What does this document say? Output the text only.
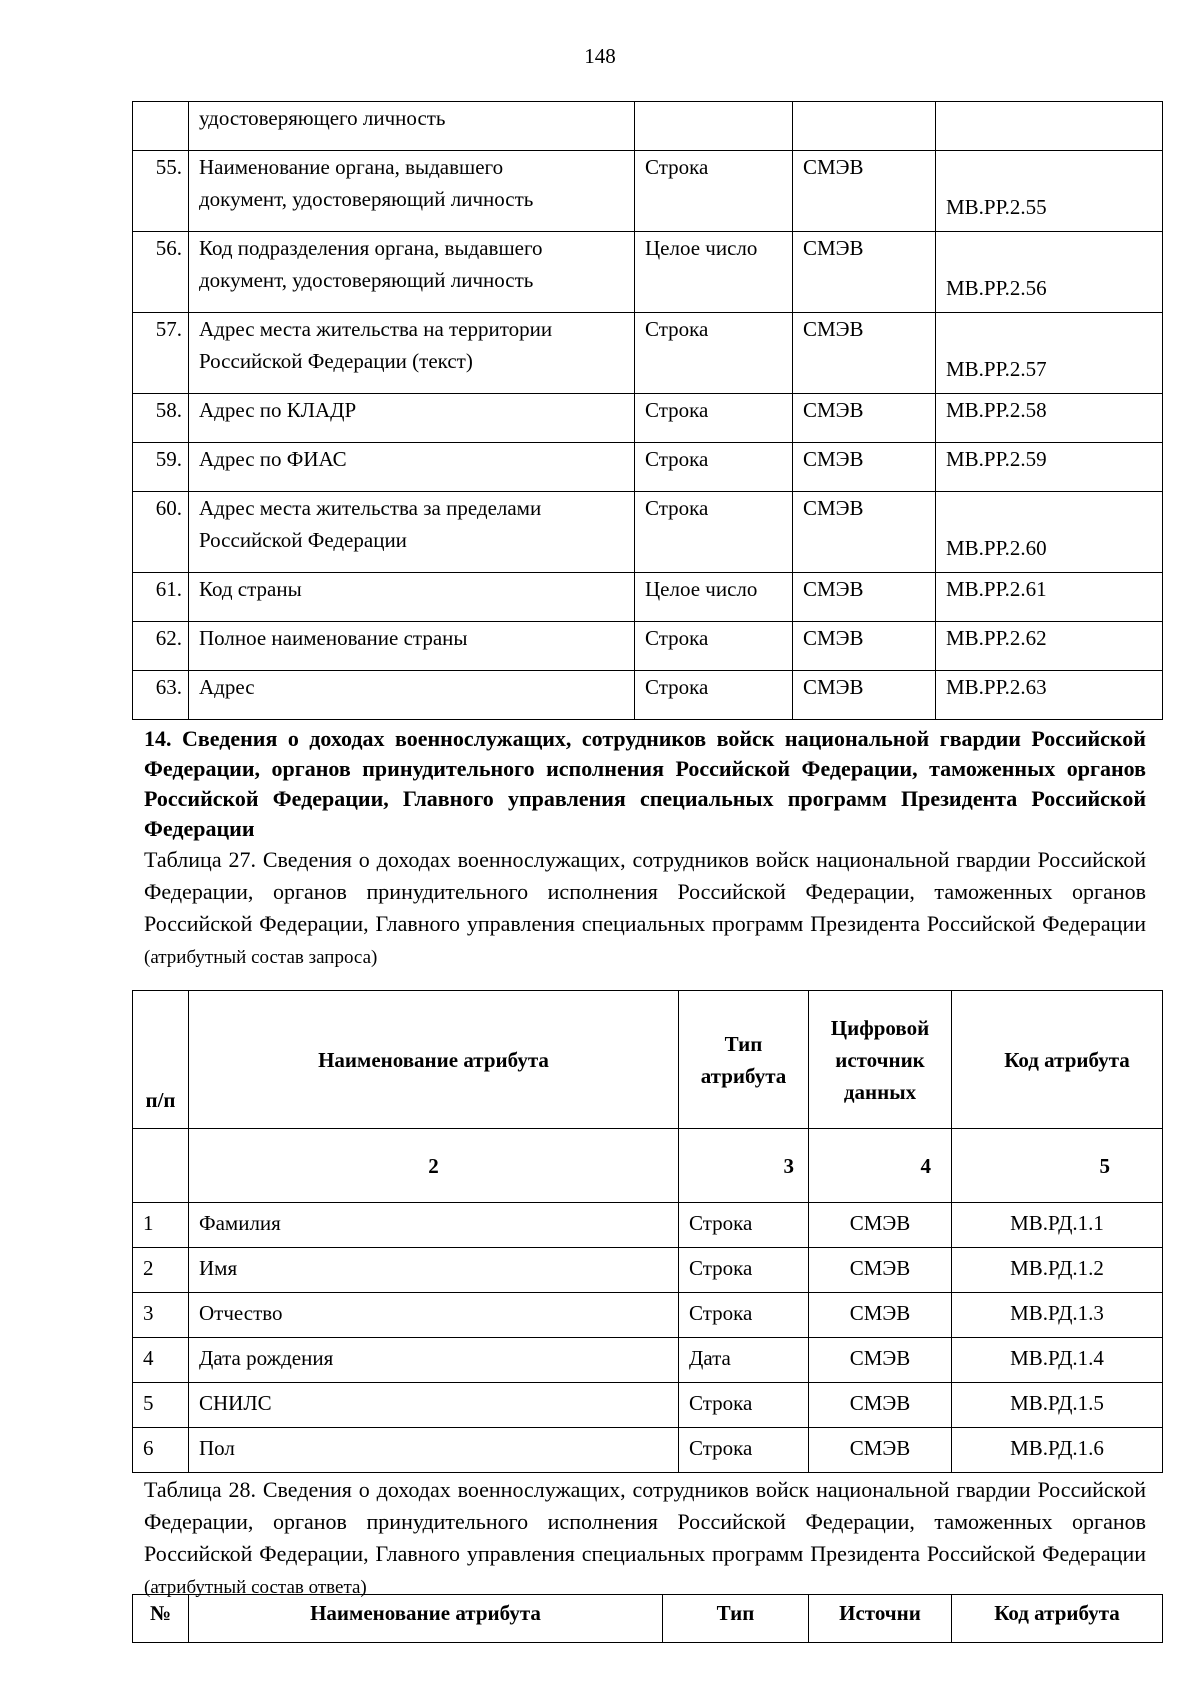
148

	удостоверяющего личность			

55.	Наименование органа, выдавшего
документ, удостоверяющий личность	Строка	СМЭВ	МВ.РР.2.55
56.	Код подразделения органа, выдавшего
документ, удостоверяющий личность	Целое число	СМЭВ	МВ.РР.2.56
57.	Адрес места жительства на территории
Российской Федерации (текст)	Строка	СМЭВ	МВ.РР.2.57
58.	Адрес по КЛАДР	Строка	СМЭВ	МВ.РР.2.58
59.	Адрес по ФИАС	Строка	СМЭВ	МВ.РР.2.59
60.	Адрес места жительства за пределами
Российской Федерации	Строка	СМЭВ	МВ.РР.2.60
61.	Код страны	Целое число	СМЭВ	МВ.РР.2.61
62.	Полное наименование страны	Строка	СМЭВ	МВ.РР.2.62
63.	Адрес	Строка	СМЭВ	МВ.РР.2.63
14. Сведения о доходах военнослужащих, сотрудников войск национальной гвардии Российской Федерации, органов принудительного исполнения Российской Федерации, таможенных органов Российской Федерации, Главного управления специальных программ Президента Российской Федерации
Таблица 27. Сведения о доходах военнослужащих, сотрудников войск национальной гвардии Российской Федерации, органов принудительного исполнения Российской Федерации, таможенных органов Российской Федерации, Главного управления специальных программ Президента Российской Федерации (атрибутный состав запроса)
п/п	Наименование атрибута	Тип атрибута	Цифровой источник данных	Код атрибута
	2	3	4	5
1	Фамилия	Строка	СМЭВ	МВ.РД.1.1
2	Имя	Строка	СМЭВ	МВ.РД.1.2
3	Отчество	Строка	СМЭВ	МВ.РД.1.3
4	Дата рождения	Дата	СМЭВ	МВ.РД.1.4
5	СНИЛС	Строка	СМЭВ	МВ.РД.1.5
6	Пол	Строка	СМЭВ	МВ.РД.1.6
Таблица 28. Сведения о доходах военнослужащих, сотрудников войск национальной гвардии Российской Федерации, органов принудительного исполнения Российской Федерации, таможенных органов Российской Федерации, Главного управления специальных программ Президента Российской Федерации (атрибутный состав ответа)
№	Наименование атрибута	Тип	Источни	Код атрибута
